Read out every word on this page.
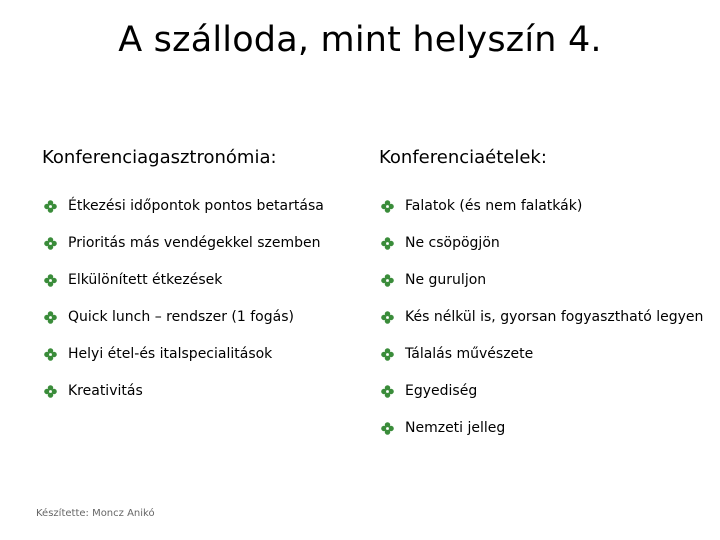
A szálloda, mint helyszín 4.
Konferenciagasztronómia:
Étkezési időpontok pontos betartása
Prioritás más vendégekkel szemben
Elkülönített étkezések
Quick lunch – rendszer (1 fogás)
Helyi étel-és italspecialitások
Kreativitás
Konferenciaételek:
Falatok (és nem falatkák)
Ne csöpögjön
Ne guruljon
Kés nélkül is, gyorsan fogyasztható legyen
Tálalás művészete
Egyediség
Nemzeti jelleg
Készítette: Moncz Anikó
